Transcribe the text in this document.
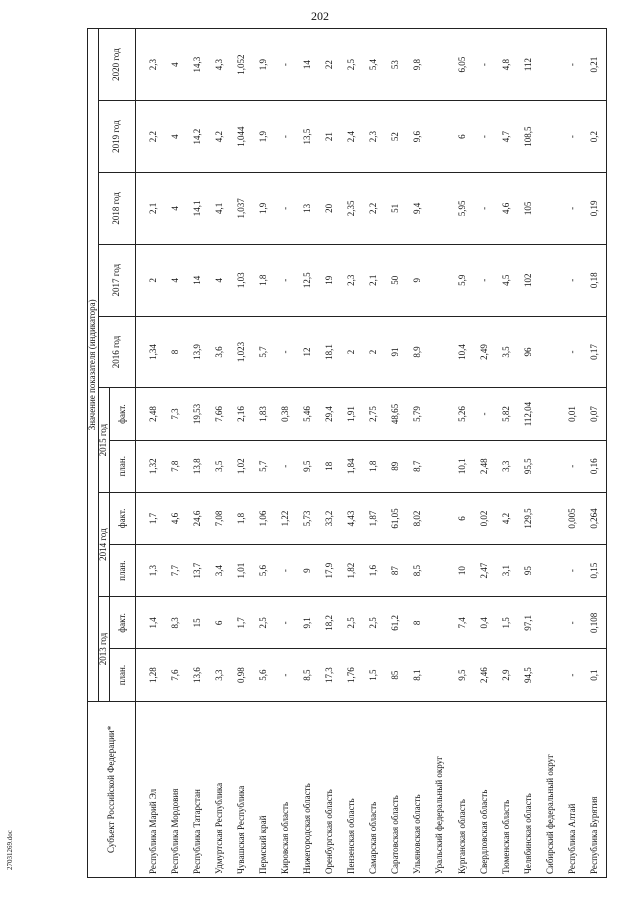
202
Субъект Российской Федерации*	Значение показателя (индикатора)										
	2013 год		2014 год		2015 год		2016 год	2017 год	2018 год	2019 год	2020 год
	план.	факт.	план.	факт.	план.	факт.					

Республика Марий Эл	1,28	1,4	1,3	1,7	1,32	2,48	1,34	2	2,1	2,2	2,3
Республика Мордовия	7,6	8,3	7,7	4,6	7,8	7,3	8	4	4	4	4
Республика Татарстан	13,6	15	13,7	24,6	13,8	19,53	13,9	14	14,1	14,2	14,3
Удмуртская Республика	3,3	6	3,4	7,08	3,5	7,66	3,6	4	4,1	4,2	4,3
Чувашская Республика	0,98	1,7	1,01	1,8	1,02	2,16	1,023	1,03	1,037	1,044	1,052
Пермский край	5,6	2,5	5,6	1,06	5,7	1,83	5,7	1,8	1,9	1,9	1,9
Кировская область	-	-	-	1,22	-	0,38	-	-	-	-	-
Нижегородская область	8,5	9,1	9	5,73	9,5	5,46	12	12,5	13	13,5	14
Оренбургская область	17,3	18,2	17,9	33,2	18	29,4	18,1	19	20	21	22
Пензенская область	1,76	2,5	1,82	4,43	1,84	1,91	2	2,3	2,35	2,4	2,5
Самарская область	1,5	2,5	1,6	1,87	1,8	2,75	2	2,1	2,2	2,3	5,4
Саратовская область	85	61,2	87	61,05	89	48,65	91	50	51	52	53
Ульяновская область	8,1	8	8,5	8,02	8,7	5,79	8,9	9	9,4	9,6	9,8
Уральский федеральный округ											
Курганская область	9,5	7,4	10	6	10,1	5,26	10,4	5,9	5,95	6	6,05
Свердловская область	2,46	0,4	2,47	0,02	2,48	-	2,49	-	-	-	-
Тюменская область	2,9	1,5	3,1	4,2	3,3	5,82	3,5	4,5	4,6	4,7	4,8
Челябинская область	94,5	97,1	95	129,5	95,5	112,04	96	102	105	108,5	112
Сибирский федеральный округ											
Республика Алтай	-	-	-	0,005	-	0,01	-	-	-	-	-
Республика Бурятия	0,1	0,108	0,15	0,264	0,16	0,07	0,17	0,18	0,19	0,2	0,21
27031269.doc
